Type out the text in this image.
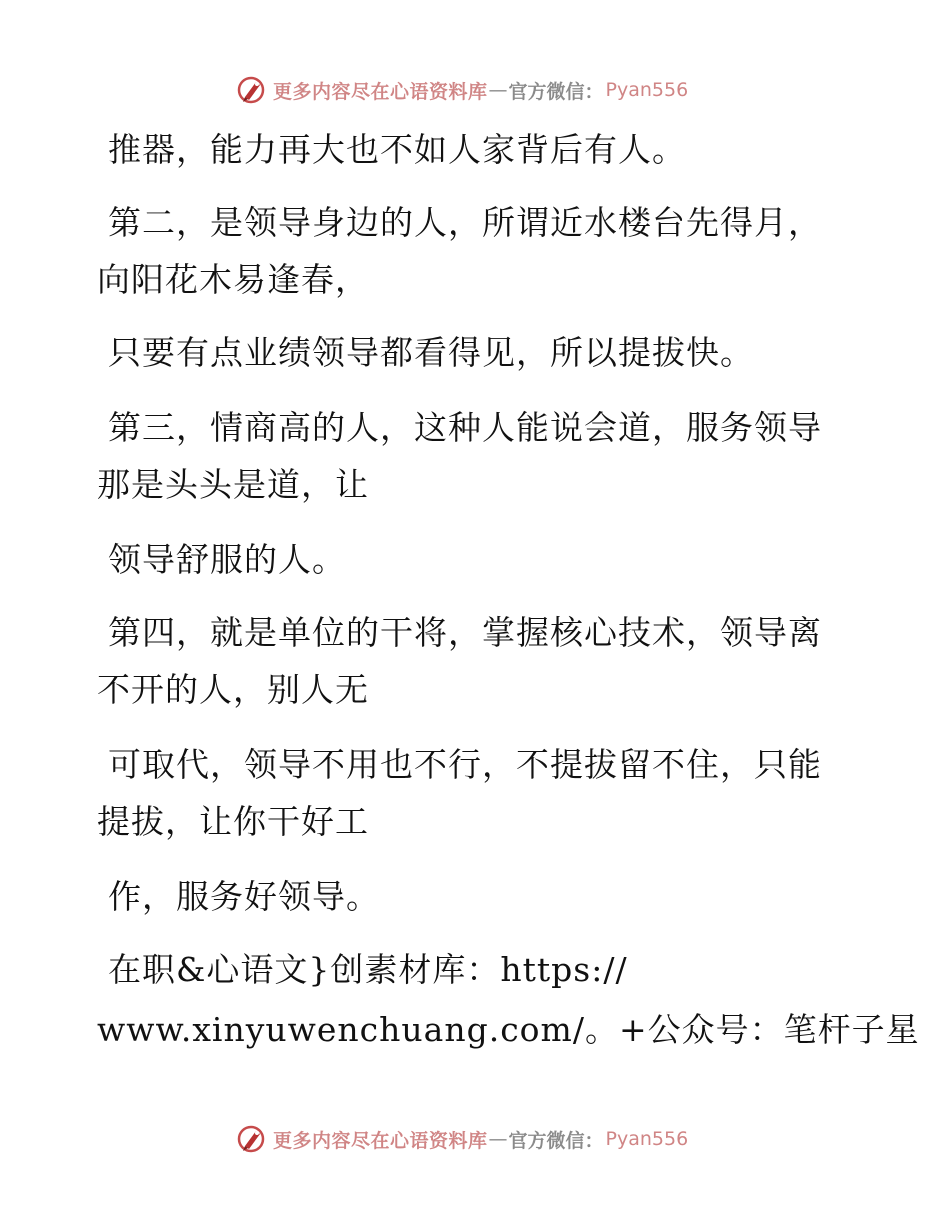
更多内容尽在心语资料库 — 官方微信： Pyan556
推器，能力再大也不如人家背后有人。
第二，是领导身边的人，所谓近水楼台先得月，
向阳花木易逢春，
只要有点业绩领导都看得见，所以提拔快。
第三，情商高的人，这种人能说会道，服务领导
那是头头是道，让
领导舒服的人。
第四，就是单位的干将，掌握核心技术，领导离
不开的人，别人无
可取代，领导不用也不行，不提拔留不住，只能
提拔，让你干好工
作，服务好领导。
在职&心语文}创素材库：https://
www.xinyuwenchuang.com/。+公众号：笔杆子星
更多内容尽在心语资料库 — 官方微信： Pyan556
